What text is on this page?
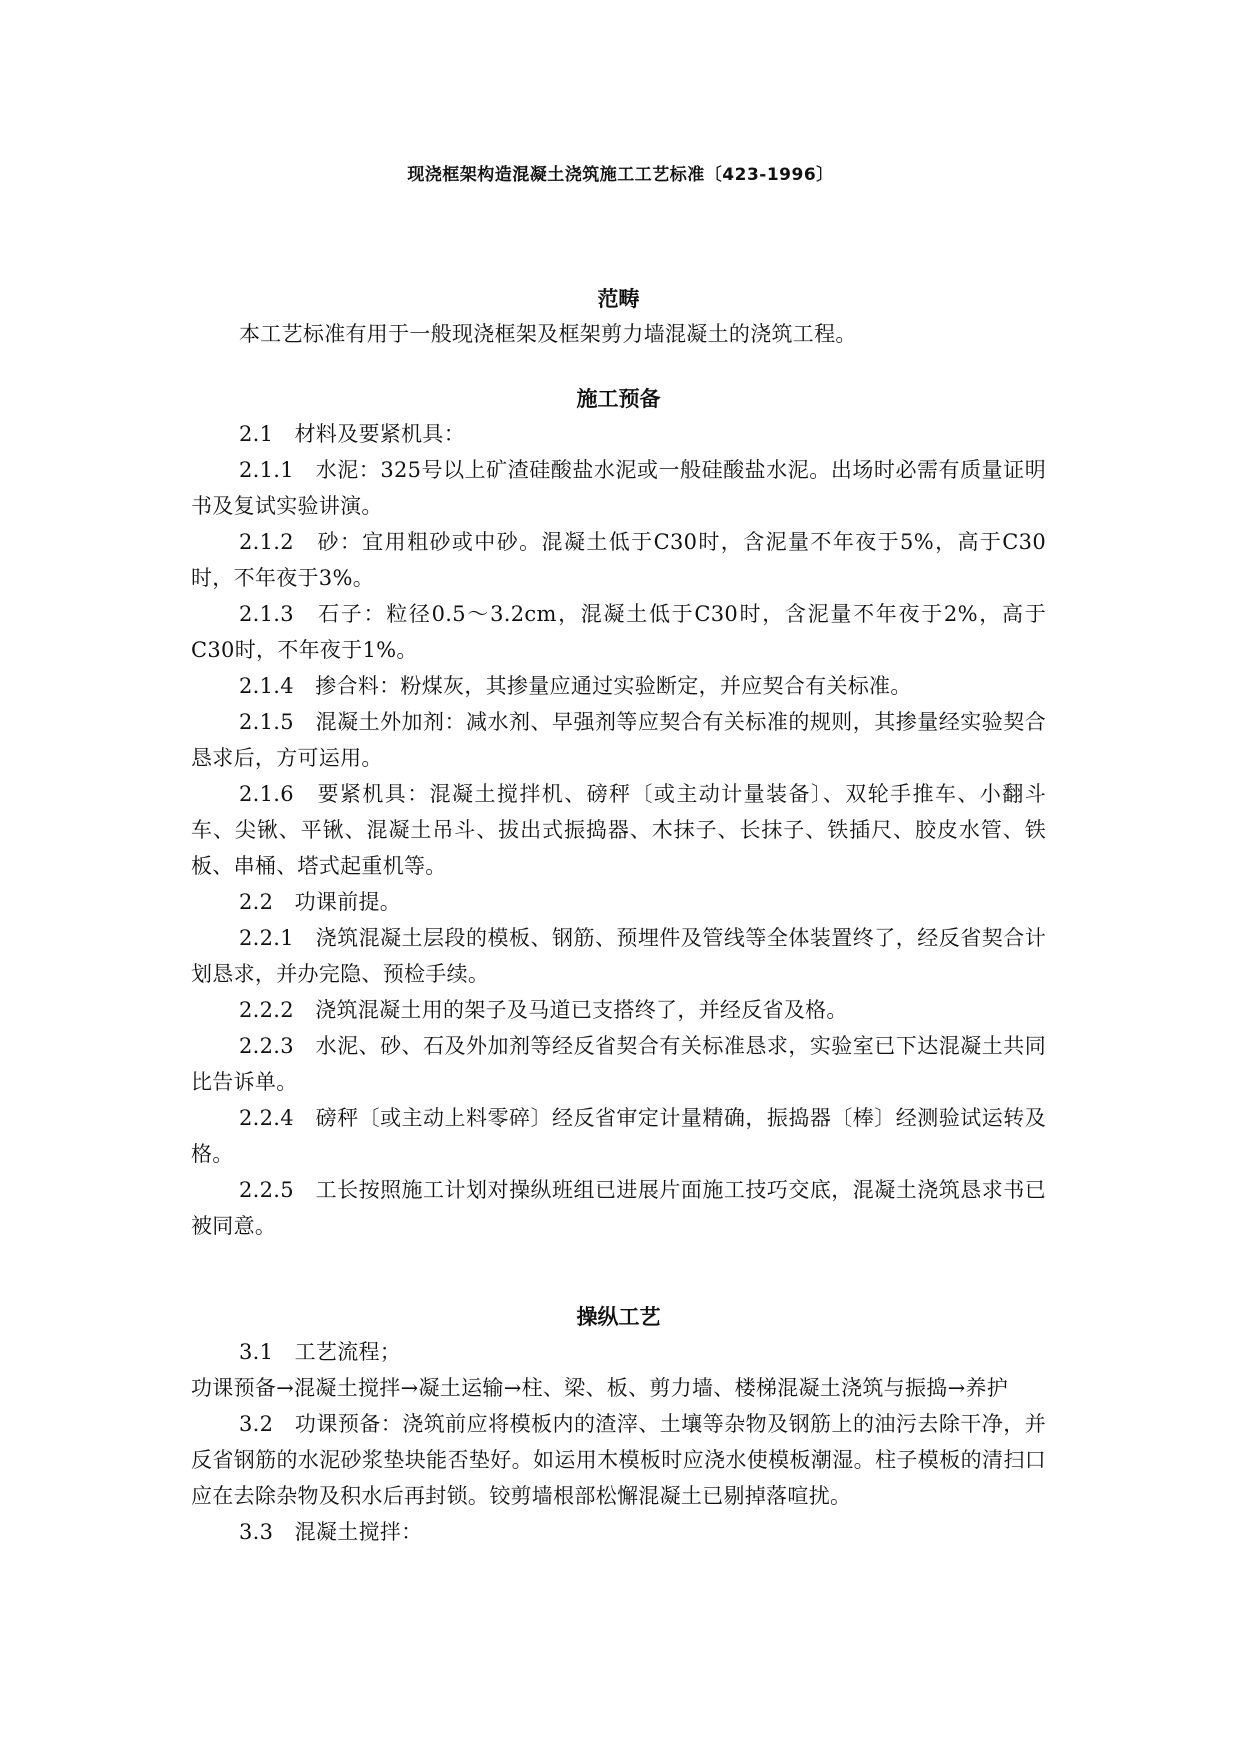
现浇框架构造混凝土浇筑施工工艺标准〔423-1996〕
范畴

本工艺标准有用于一般现浇框架及框架剪力墙混凝土的浇筑工程。

施工预备

2.1　材料及要紧机具：

2.1.1　水泥：325号以上矿渣硅酸盐水泥或一般硅酸盐水泥。出场时必需有质量证明书及复试实验讲演。

2.1.2　砂：宜用粗砂或中砂。混凝土低于C30时，含泥量不年夜于5%，高于C30时，不年夜于3%。

2.1.3　石子：粒径0.5～3.2cm，混凝土低于C30时，含泥量不年夜于2%，高于C30时，不年夜于1%。

2.1.4　掺合料：粉煤灰，其掺量应通过实验断定，并应契合有关标准。

2.1.5　混凝土外加剂：减水剂、早强剂等应契合有关标准的规则，其掺量经实验契合恳求后，方可运用。

2.1.6　要紧机具：混凝土搅拌机、磅秤〔或主动计量装备〕、双轮手推车、小翻斗车、尖锹、平锹、混凝土吊斗、拔出式振捣器、木抹子、长抹子、铁插尺、胶皮水管、铁板、串桶、塔式起重机等。

2.2　功课前提。

2.2.1　浇筑混凝土层段的模板、钢筋、预埋件及管线等全体装置终了，经反省契合计划恳求，并办完隐、预检手续。

2.2.2　浇筑混凝土用的架子及马道已支搭终了，并经反省及格。

2.2.3　水泥、砂、石及外加剂等经反省契合有关标准恳求，实验室已下达混凝土共同比告诉单。

2.2.4　磅秤〔或主动上料零碎〕经反省审定计量精确，振捣器〔棒〕经测验试运转及格。

2.2.5　工长按照施工计划对操纵班组已进展片面施工技巧交底，混凝土浇筑恳求书已被同意。

操纵工艺

3.1　工艺流程；

功课预备→混凝土搅拌→凝土运输→柱、梁、板、剪力墙、楼梯混凝土浇筑与振捣→养护

3.2　功课预备：浇筑前应将模板内的渣滓、土壤等杂物及钢筋上的油污去除干净，并反省钢筋的水泥砂浆垫块能否垫好。如运用木模板时应浇水使模板潮湿。柱子模板的清扫口应在去除杂物及积水后再封锁。铰剪墙根部松懈混凝土已剔掉落喧扰。

3.3　混凝土搅拌：
